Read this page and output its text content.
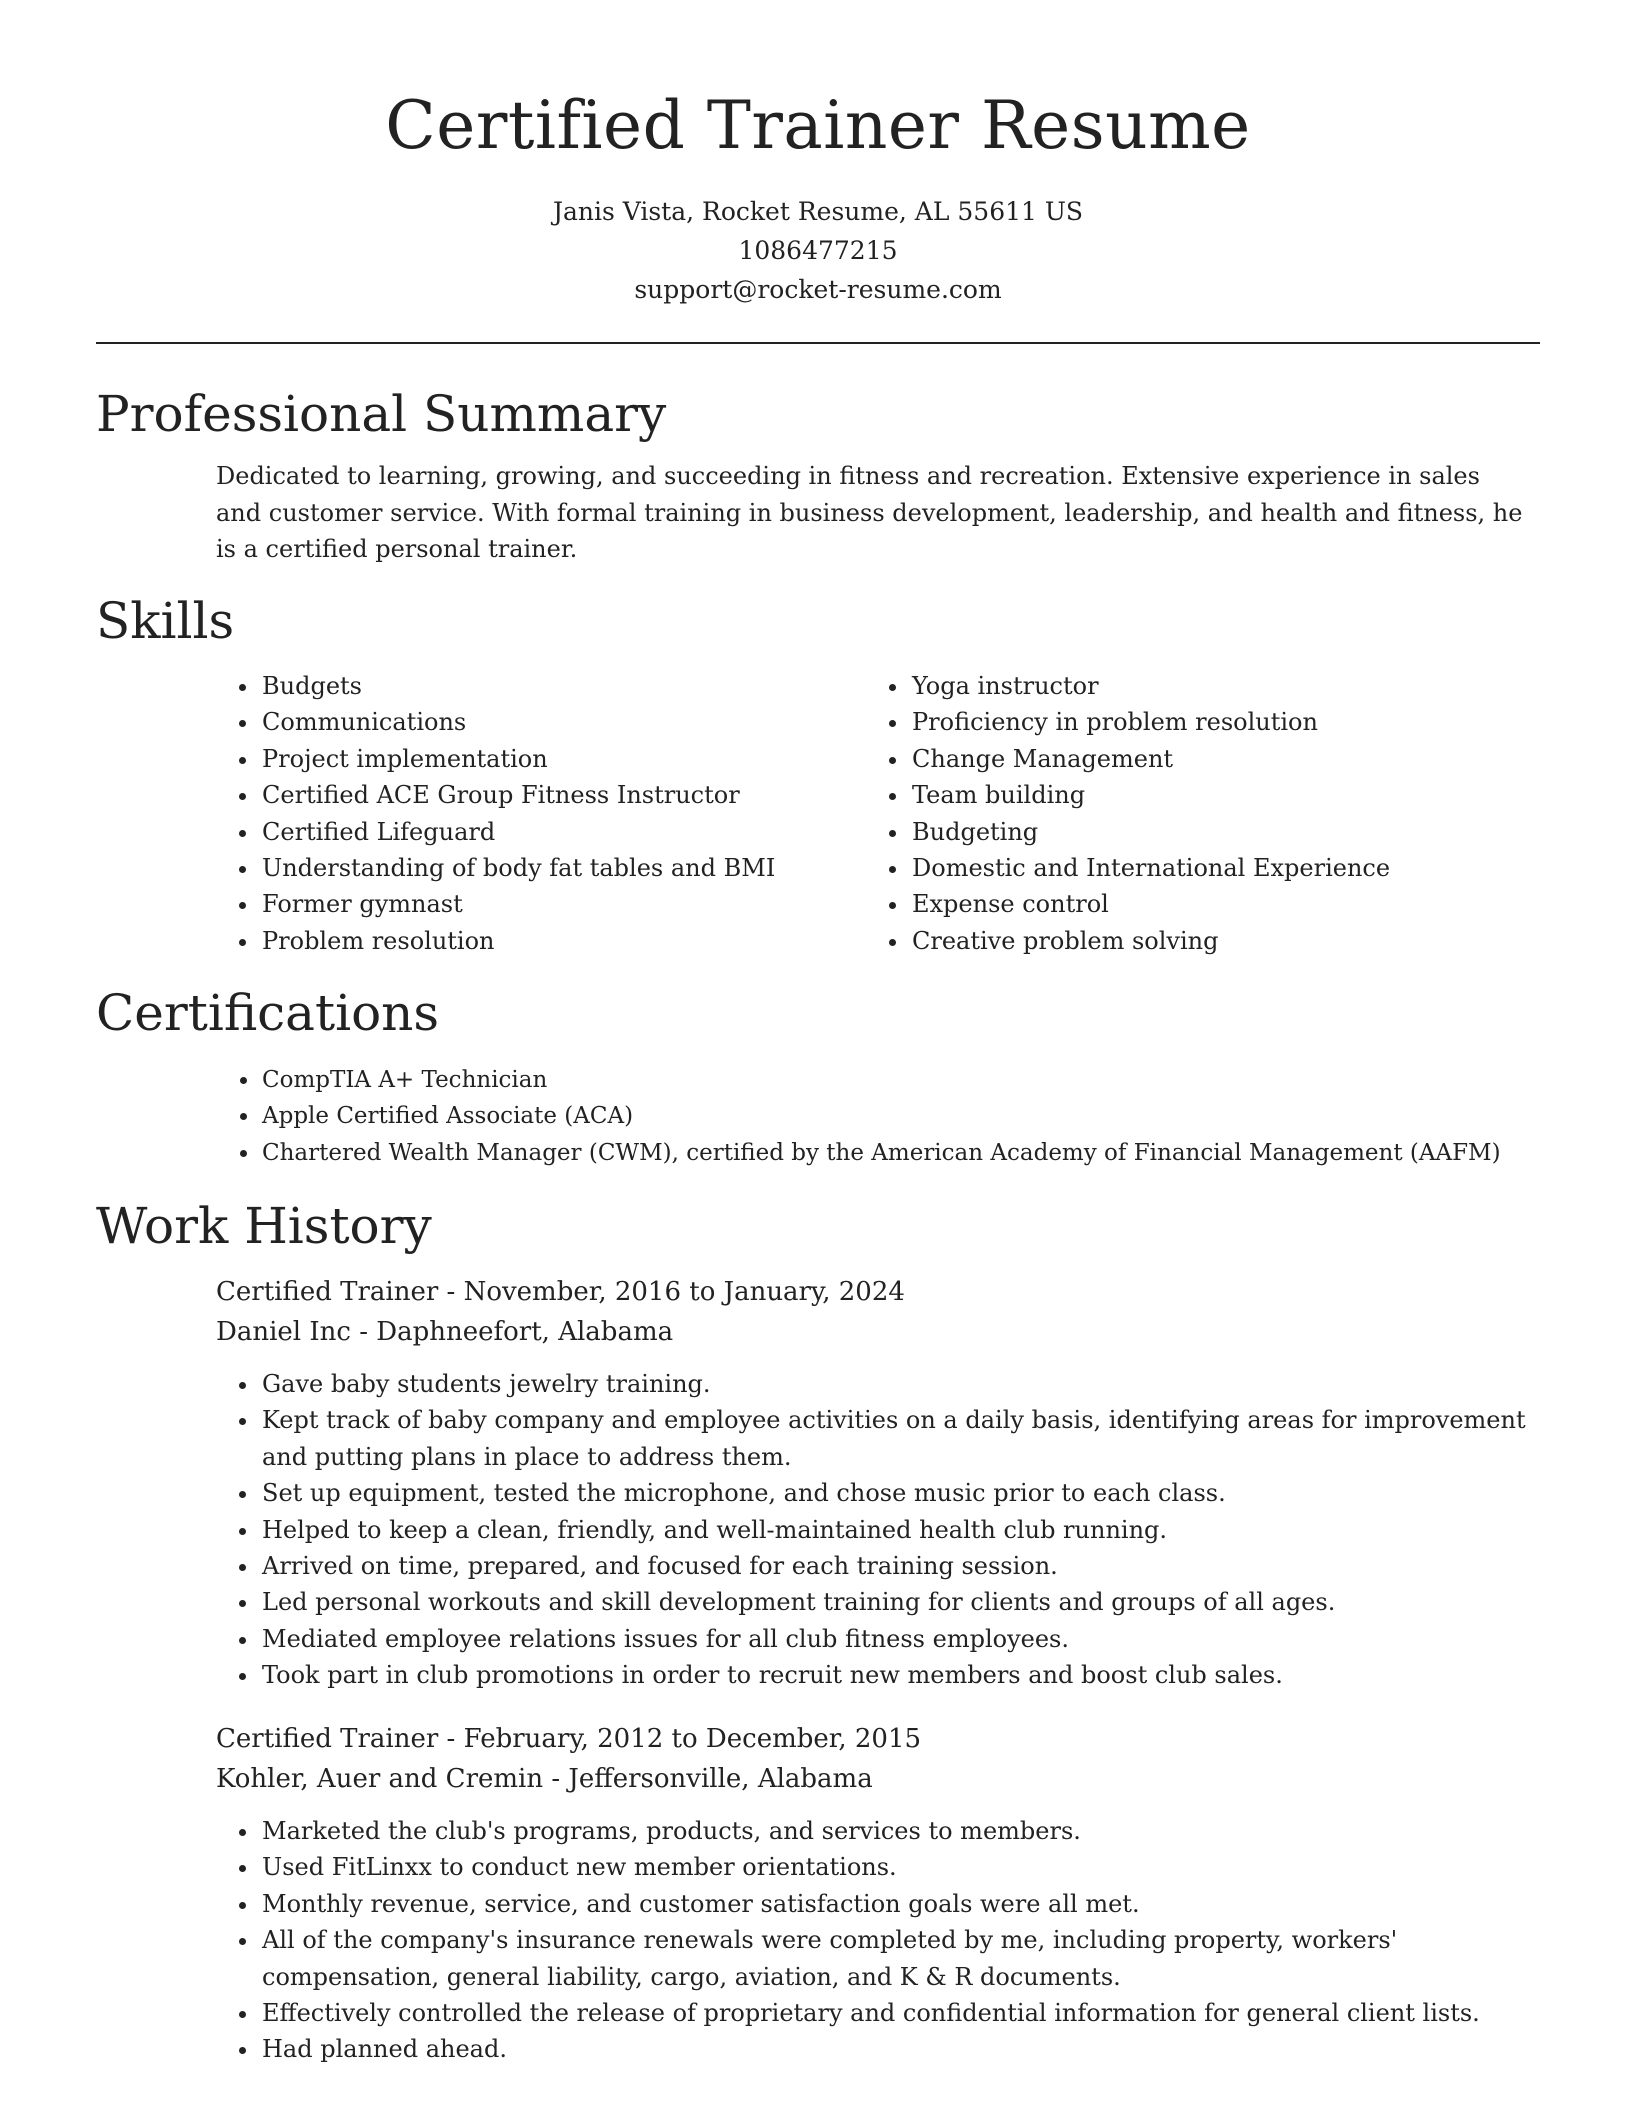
Certified Trainer Resume
Janis Vista, Rocket Resume, AL 55611 US
1086477215
support@rocket-resume.com
Professional Summary

Dedicated to learning, growing, and succeeding in fitness and recreation. Extensive experience in sales and customer service. With formal training in business development, leadership, and health and fitness, he is a certified personal trainer.

Skills
• Budgets
• Communications
• Project implementation
• Certified ACE Group Fitness Instructor
• Certified Lifeguard
• Understanding of body fat tables and BMI
• Former gymnast
• Problem resolution
• Yoga instructor
• Proficiency in problem resolution
• Change Management
• Team building
• Budgeting
• Domestic and International Experience
• Expense control
• Creative problem solving
Certifications
• CompTIA A+ Technician
• Apple Certified Associate (ACA)
• Chartered Wealth Manager (CWM), certified by the American Academy of Financial Management (AAFM)
Work History
Certified Trainer - November, 2016 to January, 2024
Daniel Inc - Daphneefort, Alabama
• Gave baby students jewelry training.
• Kept track of baby company and employee activities on a daily basis, identifying areas for improvement and putting plans in place to address them.
• Set up equipment, tested the microphone, and chose music prior to each class.
• Helped to keep a clean, friendly, and well-maintained health club running.
• Arrived on time, prepared, and focused for each training session.
• Led personal workouts and skill development training for clients and groups of all ages.
• Mediated employee relations issues for all club fitness employees.
• Took part in club promotions in order to recruit new members and boost club sales.
Certified Trainer - February, 2012 to December, 2015
Kohler, Auer and Cremin - Jeffersonville, Alabama
• Marketed the club's programs, products, and services to members.
• Used FitLinxx to conduct new member orientations.
• Monthly revenue, service, and customer satisfaction goals were all met.
• All of the company's insurance renewals were completed by me, including property, workers' compensation, general liability, cargo, aviation, and K & R documents.
• Effectively controlled the release of proprietary and confidential information for general client lists.
• Had planned ahead.
